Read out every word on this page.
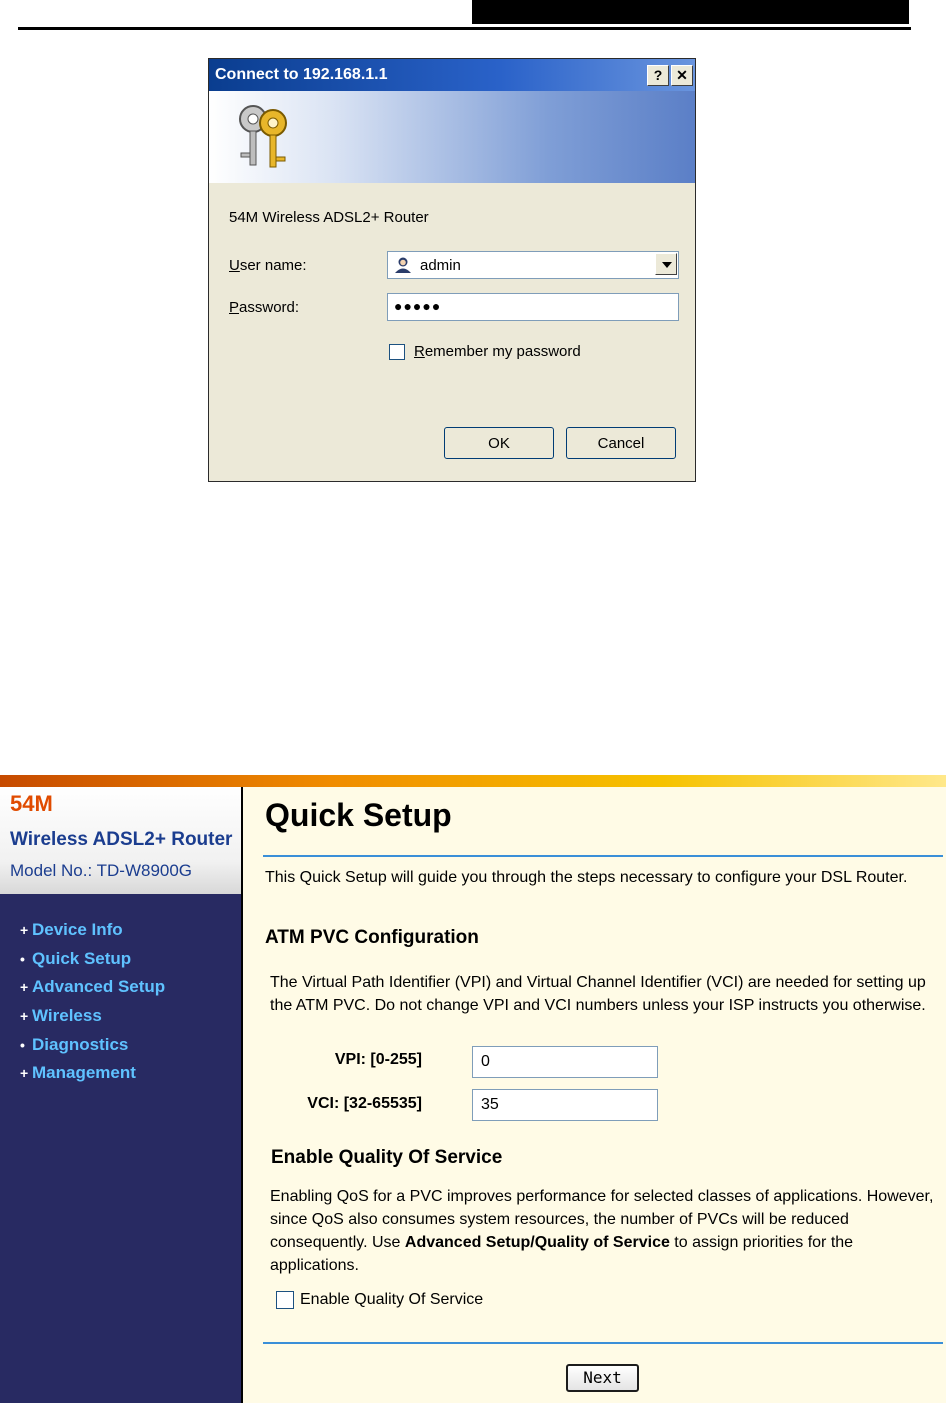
Connect to 192.168.1.1	? ✕
54M Wireless ADSL2+ Router
User name:	admin
Password:	●●●●●
Remember my password
OK	Cancel
54M
Wireless ADSL2+ Router
Model No.: TD-W8900G
+ Device Info
• Quick Setup
+ Advanced Setup
+ Wireless
• Diagnostics
+ Management
Quick Setup
This Quick Setup will guide you through the steps necessary to configure your DSL Router.
ATM PVC Configuration
The Virtual Path Identifier (VPI) and Virtual Channel Identifier (VCI) are needed for setting up the ATM PVC. Do not change VPI and VCI numbers unless your ISP instructs you otherwise.
VPI: [0-255]	0
VCI: [32-65535]	35
Enable Quality Of Service
Enabling QoS for a PVC improves performance for selected classes of applications. However, since QoS also consumes system resources, the number of PVCs will be reduced consequently. Use Advanced Setup/Quality of Service to assign priorities for the applications.
Enable Quality Of Service
Next
